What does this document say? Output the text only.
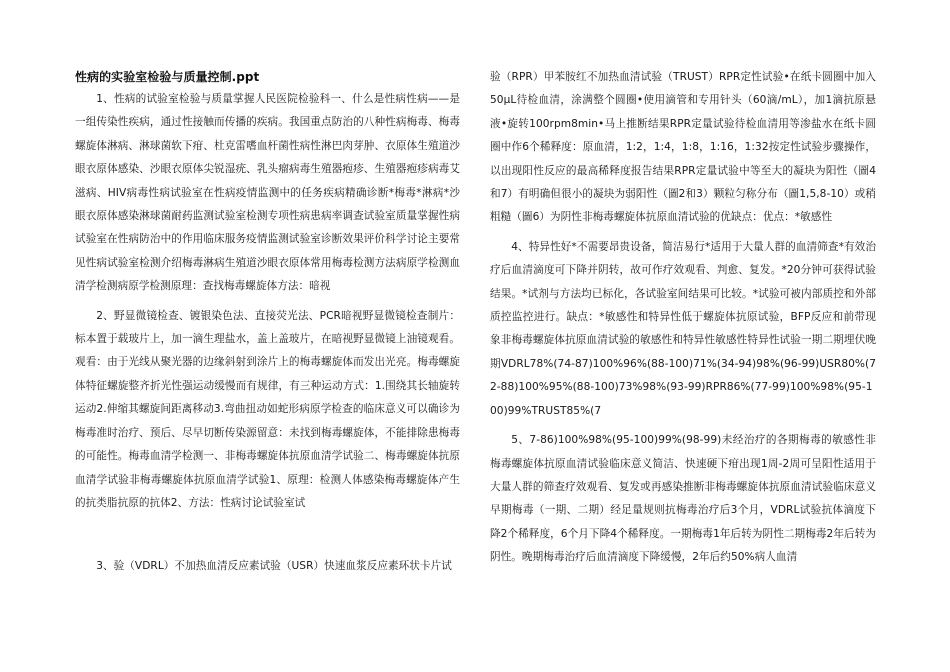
性病的实验室检验与质量控制.ppt

1、性病的试验室检验与质量掌握人民医院检验科一、什么是性病性病——是一组传染性疾病，通过性接触而传播的疾病。我国重点防治的八种性病梅毒、梅毒螺旋体淋病、淋球菌软下疳、杜克雷嗜血杆菌性病性淋巴肉芽肿、衣原体生殖道沙眼衣原体感染、沙眼衣原体尖锐湿疣、乳头瘤病毒生殖器疱疹、生殖器疱疹病毒艾滋病、HIV病毒性病试验室在性病疫情监测中的任务疾病精确诊断*梅毒*淋病*沙眼衣原体感染淋球菌耐药监测试验室检测专项性病患病率调查试验室质量掌握性病试验室在性病防治中的作用临床服务疫情监测试验室诊断效果评价科学讨论主要常见性病试验室检测介绍梅毒淋病生殖道沙眼衣原体常用梅毒检测方法病原学检测血清学检测病原学检测原理：查找梅毒螺旋体方法：暗视

2、野显微镜检查、镀银染色法、直接荧光法、PCR暗视野显微镜检查制片：标本置于载玻片上，加一滴生理盐水，盖上盖玻片，在暗视野显微镜上油镜观看。观看：由于光线从聚光器的边缘斜射到涂片上的梅毒螺旋体而发出光亮。梅毒螺旋体特征螺旋整齐折光性强运动缓慢而有规律，有三种运动方式：1.围绕其长轴旋转运动2.伸缩其螺旋间距离移动3.弯曲扭动如蛇形病原学检查的临床意义可以确诊为梅毒准时治疗、预后、尽早切断传染源留意：未找到梅毒螺旋体，不能排除患梅毒的可能性。梅毒血清学检测一、非梅毒螺旋体抗原血清学试验二、梅毒螺旋体抗原血清学试验非梅毒螺旋体抗原血清学试验1、原理：检测人体感染梅毒螺旋体产生的抗类脂抗原的抗体2、方法：性病讨论试验室试

3、验（VDRL）不加热血清反应素试验（USR）快速血浆反应素环状卡片试

验（RPR）甲苯胺红不加热血清试验（TRUST）RPR定性试验•在纸卡圆圈中加入50μL待检血清，涂满整个圆圈•使用滴管和专用针头（60滴/mL），加1滴抗原悬液•旋转100rpm8min•马上推断结果RPR定量试验待检血清用等渗盐水在纸卡圆圈中作6个稀释度：原血清，1:2，1:4，1:8，1:16，1:32按定性试验步骤操作，以出现阳性反应的最高稀释度报告结果RPR定量试验中等至大的凝块为阳性（圖4和7）有明确但很小的凝块为弱阳性（圖2和3）颗粒匀称分布（圖1,5,8-10）或稍粗糙（圖6）为阴性非梅毒螺旋体抗原血清试验的优缺点：优点：*敏感性

4、特异性好*不需要昂贵设备，简洁易行*适用于大量人群的血清筛查*有效治疗后血清滴度可下降并阴转，故可作疗效观看、判愈、复发。*20分钟可获得试验结果。*试剂与方法均已标化，各试验室间结果可比较。*试验可被内部质控和外部质控监控进行。缺点：*敏感性和特异性低于螺旋体抗原试验，BFP反应和前带现象非梅毒螺旋体抗原血清试验的敏感性和特异性敏感性特异性试验一期二期埋伏晚期VDRL78%(74-87)100%96%(88-100)71%(34-94)98%(96-99)USR80%(72-88)100%95%(88-100)73%98%(93-99)RPR86%(77-99)100%98%(95-100)99%TRUST85%(7

5、7-86)100%98%(95-100)99%(98-99)未经治疗的各期梅毒的敏感性非梅毒螺旋体抗原血清试验临床意义简洁、快速硬下疳出现1周-2周可呈阳性适用于大量人群的筛查疗效观看、复发或再感染推断非梅毒螺旋体抗原血清试验临床意义早期梅毒（一期、二期）经足量规则抗梅毒治疗后3个月，VDRL试验抗体滴度下降2个稀释度，6个月下降4个稀释度。一期梅毒1年后转为阴性二期梅毒2年后转为阴性。晚期梅毒治疗后血清滴度下降缓慢，2年后约50%病人血清
